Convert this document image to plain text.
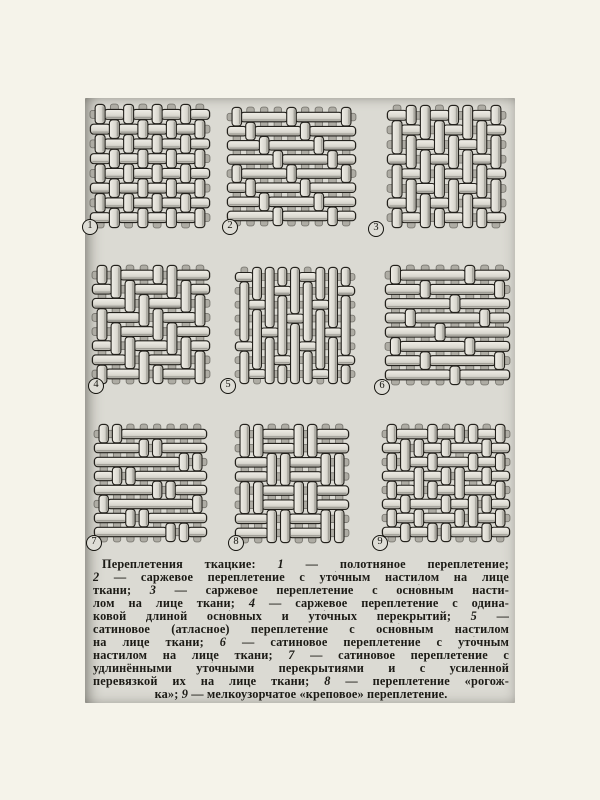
1	2	3
4	5	6
7	8	9
Переплетения ткацкие: 1 — полотняное переплетение;
2 — саржевое переплетение с уто́чным настилом на лице
ткани; 3 — саржевое переплетение с осно́вным насти-
лом на лице ткани; 4 — саржевое переплетение с одина-
ковой длиной осно́вных и уто́чных перекрытий; 5 —
сатиновое (атласное) переплетение с осно́вным настилом
на лице ткани; 6 — сатиновое переплетение с уто́чным
настилом на лице ткани; 7 — сатиновое переплетение с
удлинёнными уто́чными перекрытиями и с усиленной
перевязкой их на лице ткани; 8 — переплетение «рогож-
ка»; 9 — мелкоузорчатое «креповое» переплетение.
